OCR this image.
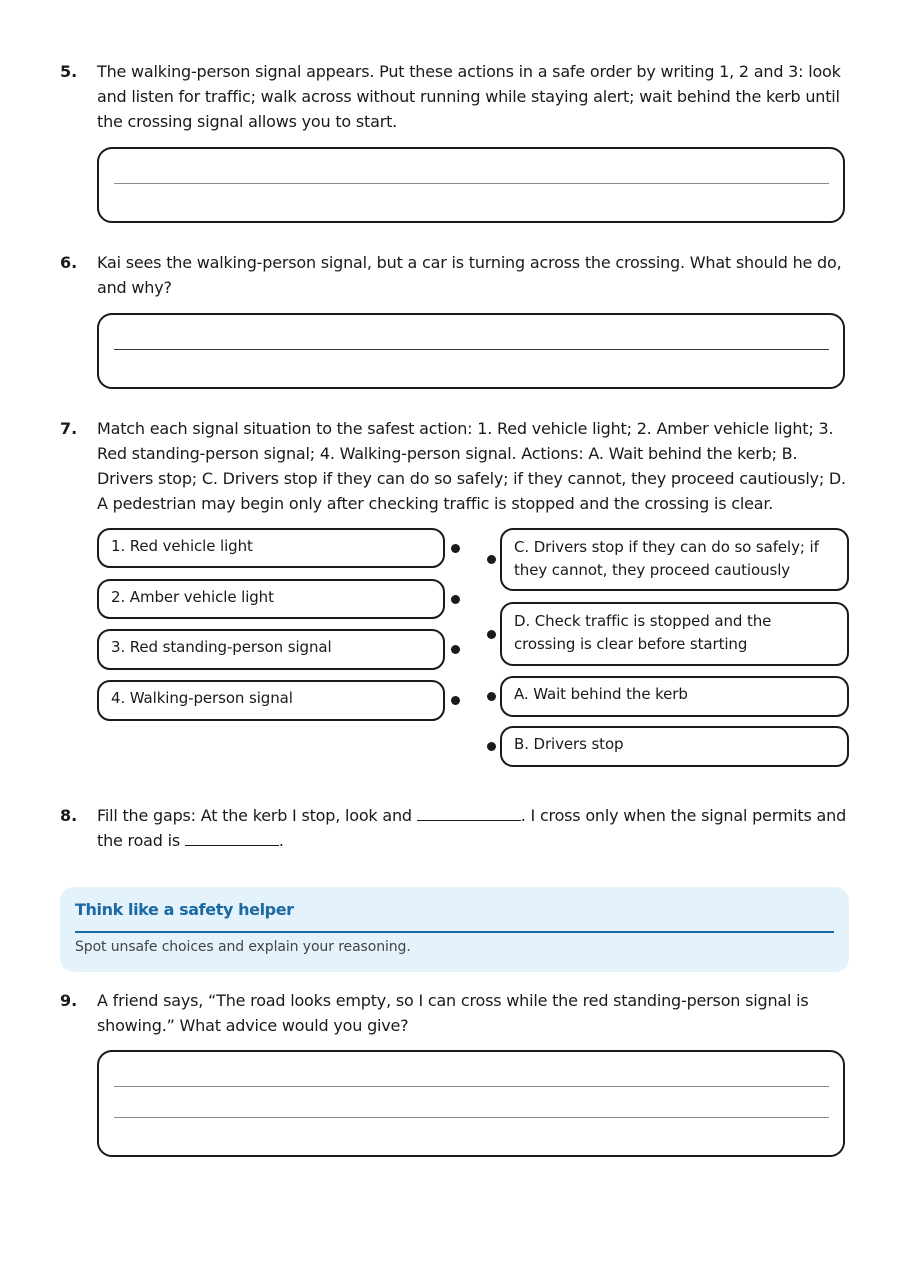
5. The walking-person signal appears. Put these actions in a safe order by writing 1, 2 and 3: look and listen for traffic; walk across without running while staying alert; wait behind the kerb until the crossing signal allows you to start.
6. Kai sees the walking-person signal, but a car is turning across the crossing. What should he do, and why?
7. Match each signal situation to the safest action: 1. Red vehicle light; 2. Amber vehicle light; 3. Red standing-person signal; 4. Walking-person signal. Actions: A. Wait behind the kerb; B. Drivers stop; C. Drivers stop if they can do so safely; if they cannot, they proceed cautiously; D. A pedestrian may begin only after checking traffic is stopped and the crossing is clear.
1. Red vehicle light
2. Amber vehicle light
3. Red standing-person signal
4. Walking-person signal
C. Drivers stop if they can do so safely; if they cannot, they proceed cautiously
D. Check traffic is stopped and the crossing is clear before starting
A. Wait behind the kerb
B. Drivers stop
8. Fill the gaps: At the kerb I stop, look and	. I cross only when the signal permits and the road is	.
Think like a safety helper
Spot unsafe choices and explain your reasoning.
9. A friend says, “The road looks empty, so I can cross while the red standing-person signal is showing.” What advice would you give?
